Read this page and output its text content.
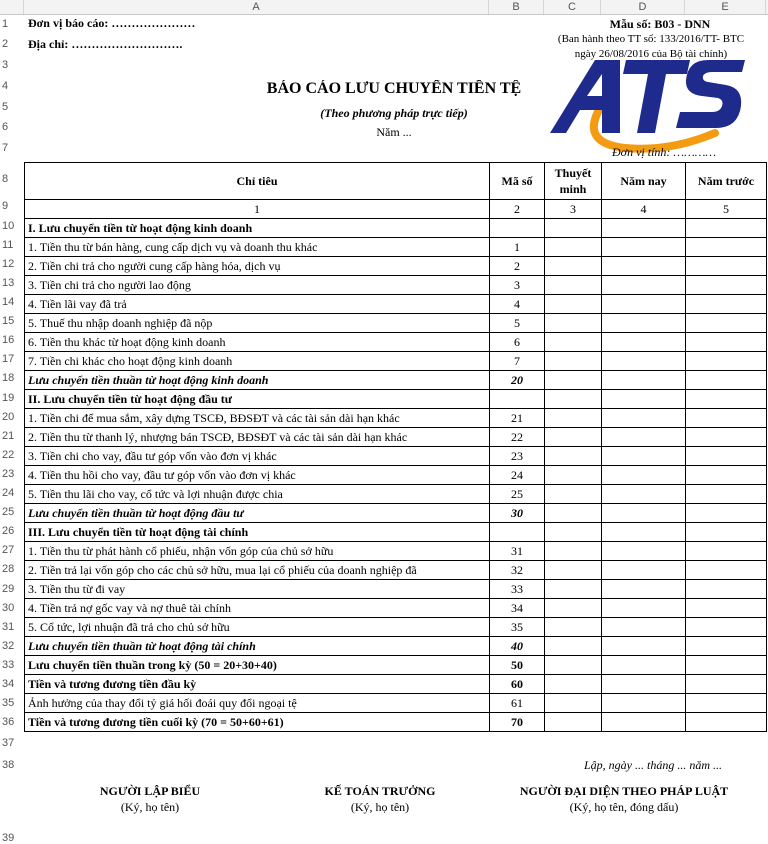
A	B	C	D	E
1
2
3
4
5
6
7
8
9
10
11
12
13
14
15
16
17
18
19
20
21
22
23
24
25
26
27
28
29
30
31
32
33
34
35
36
37
38
39
Đơn vị báo cáo: …………………
Địa chỉ: ……………………….
Mẫu số: B03 - DNN
(Ban hành theo TT số: 133/2016/TT- BTC
ngày 26/08/2016 của Bộ tài chính)
BÁO CÁO LƯU CHUYỂN TIỀN TỆ
(Theo phương pháp trực tiếp)
Năm ...
Đơn vị tính: …………
Chỉ tiêu	Mã số	Thuyết minh	Năm nay	Năm trước
1	2	3	4	5
I. Lưu chuyển tiền từ hoạt động kinh doanh				
1. Tiền thu từ bán hàng, cung cấp dịch vụ và doanh thu khác	1			
2. Tiền chi trả cho người cung cấp hàng hóa, dịch vụ	2			
3. Tiền chi trả cho người lao động	3			
4. Tiền lãi vay đã trả	4			
5. Thuế thu nhập doanh nghiệp đã nộp	5			
6. Tiền thu khác từ hoạt động kinh doanh	6			
7. Tiền chi khác cho hoạt động kinh doanh	7			
Lưu chuyển tiền thuần từ hoạt động kinh doanh	20			
II. Lưu chuyển tiền từ hoạt động đầu tư				
1. Tiền chi để mua sắm, xây dựng TSCĐ, BĐSĐT và các tài sản dài hạn khác	21			
2. Tiền thu từ thanh lý, nhượng bán TSCĐ, BĐSĐT và các tài sản dài hạn khác	22			
3. Tiền chi cho vay, đầu tư góp vốn vào đơn vị khác	23			
4. Tiền thu hồi cho vay, đầu tư góp vốn vào đơn vị khác	24			
5. Tiền thu lãi cho vay, cổ tức và lợi nhuận được chia	25			
Lưu chuyển tiền thuần từ hoạt động đầu tư	30			
III. Lưu chuyển tiền từ hoạt động tài chính				
1. Tiền thu từ phát hành cổ phiếu, nhận vốn góp của chủ sở hữu	31			
2. Tiền trả lại vốn góp cho các chủ sở hữu, mua lại cổ phiếu của doanh nghiệp đã	32			
3. Tiền thu từ đi vay	33			
4. Tiền trả nợ gốc vay và nợ thuê tài chính	34			
5. Cổ tức, lợi nhuận đã trả cho chủ sở hữu	35			
Lưu chuyển tiền thuần từ hoạt động tài chính	40			
Lưu chuyển tiền thuần trong kỳ (50 = 20+30+40)	50			
Tiền và tương đương tiền đầu kỳ	60			
Ảnh hưởng của thay đổi tỷ giá hối đoái quy đổi ngoại tệ	61			
Tiền và tương đương tiền cuối kỳ (70 = 50+60+61)	70			
Lập, ngày ... tháng ... năm ...
NGƯỜI LẬP BIỂU
(Ký, họ tên)
KẾ TOÁN TRƯỞNG
(Ký, họ tên)
NGƯỜI ĐẠI DIỆN THEO PHÁP LUẬT
(Ký, họ tên, đóng dấu)
